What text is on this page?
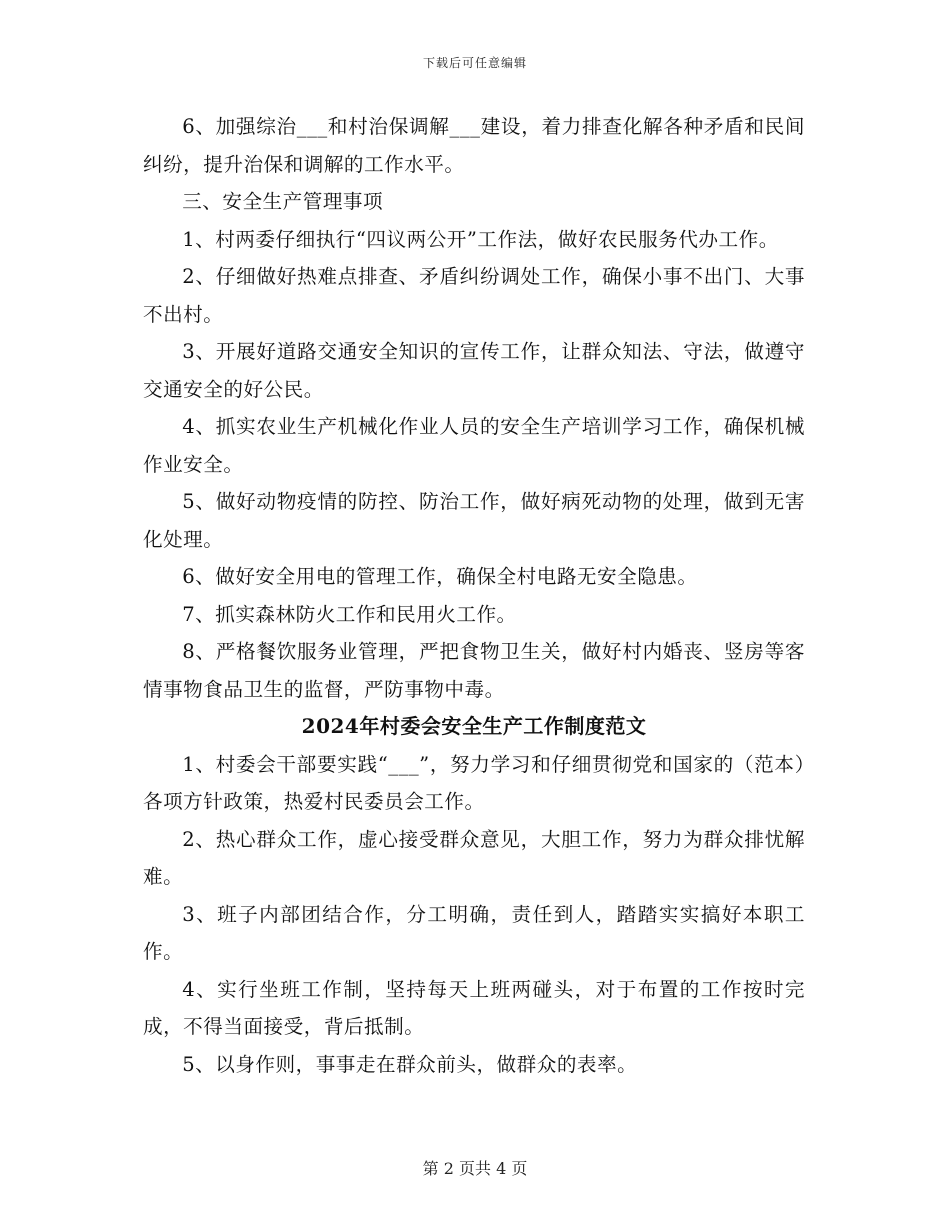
下载后可任意编辑

6、加强综治___和村治保调解___建设，着力排查化解各种矛盾和民间纠纷，提升治保和调解的工作水平。

三、安全生产管理事项

1、村两委仔细执行“四议两公开”工作法，做好农民服务代办工作。

2、仔细做好热难点排查、矛盾纠纷调处工作，确保小事不出门、大事不出村。

3、开展好道路交通安全知识的宣传工作，让群众知法、守法，做遵守交通安全的好公民。

4、抓实农业生产机械化作业人员的安全生产培训学习工作，确保机械作业安全。

5、做好动物疫情的防控、防治工作，做好病死动物的处理，做到无害化处理。

6、做好安全用电的管理工作，确保全村电路无安全隐患。

7、抓实森林防火工作和民用火工作。

8、严格餐饮服务业管理，严把食物卫生关，做好村内婚丧、竖房等客情事物食品卫生的监督，严防事物中毒。

2024年村委会安全生产工作制度范文

1、村委会干部要实践“___”，努力学习和仔细贯彻党和国家的（范本）各项方针政策，热爱村民委员会工作。

2、热心群众工作，虚心接受群众意见，大胆工作，努力为群众排忧解难。

3、班子内部团结合作，分工明确，责任到人，踏踏实实搞好本职工作。

4、实行坐班工作制，坚持每天上班两碰头，对于布置的工作按时完成，不得当面接受，背后抵制。

5、以身作则，事事走在群众前头，做群众的表率。

第 2 页共 4 页
